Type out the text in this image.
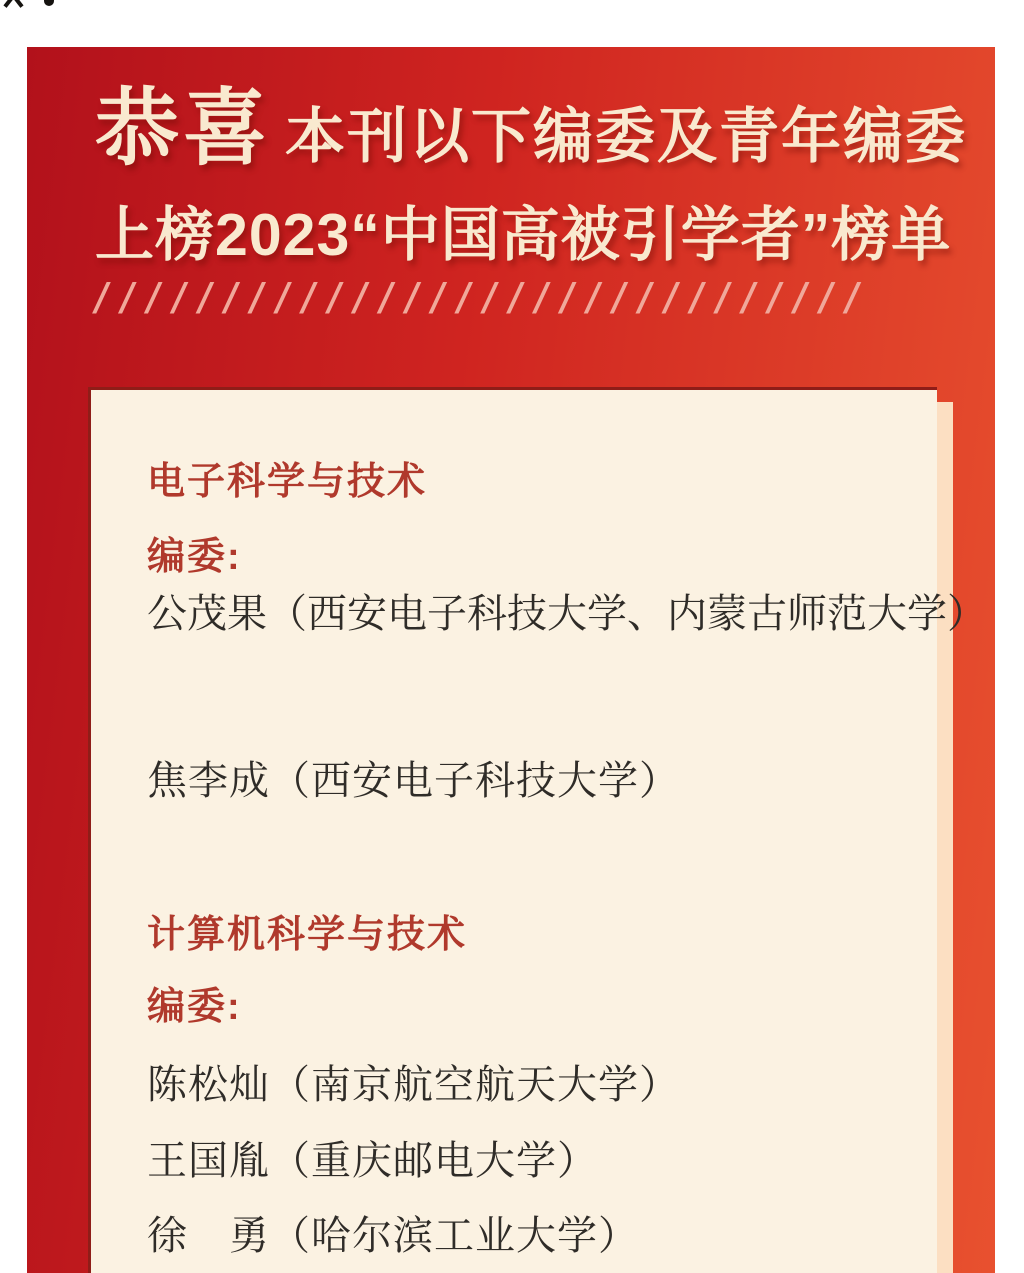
恭喜 本刊以下编委及青年编委
上榜2023“中国高被引学者”榜单
//////////////////////////////
电子科学与技术
编委:
公茂果（西安电子科技大学、内蒙古师范大学）
焦李成（西安电子科技大学）
计算机科学与技术
编委:
陈松灿（南京航空航天大学）
王国胤（重庆邮电大学）
徐　勇（哈尔滨工业大学）
